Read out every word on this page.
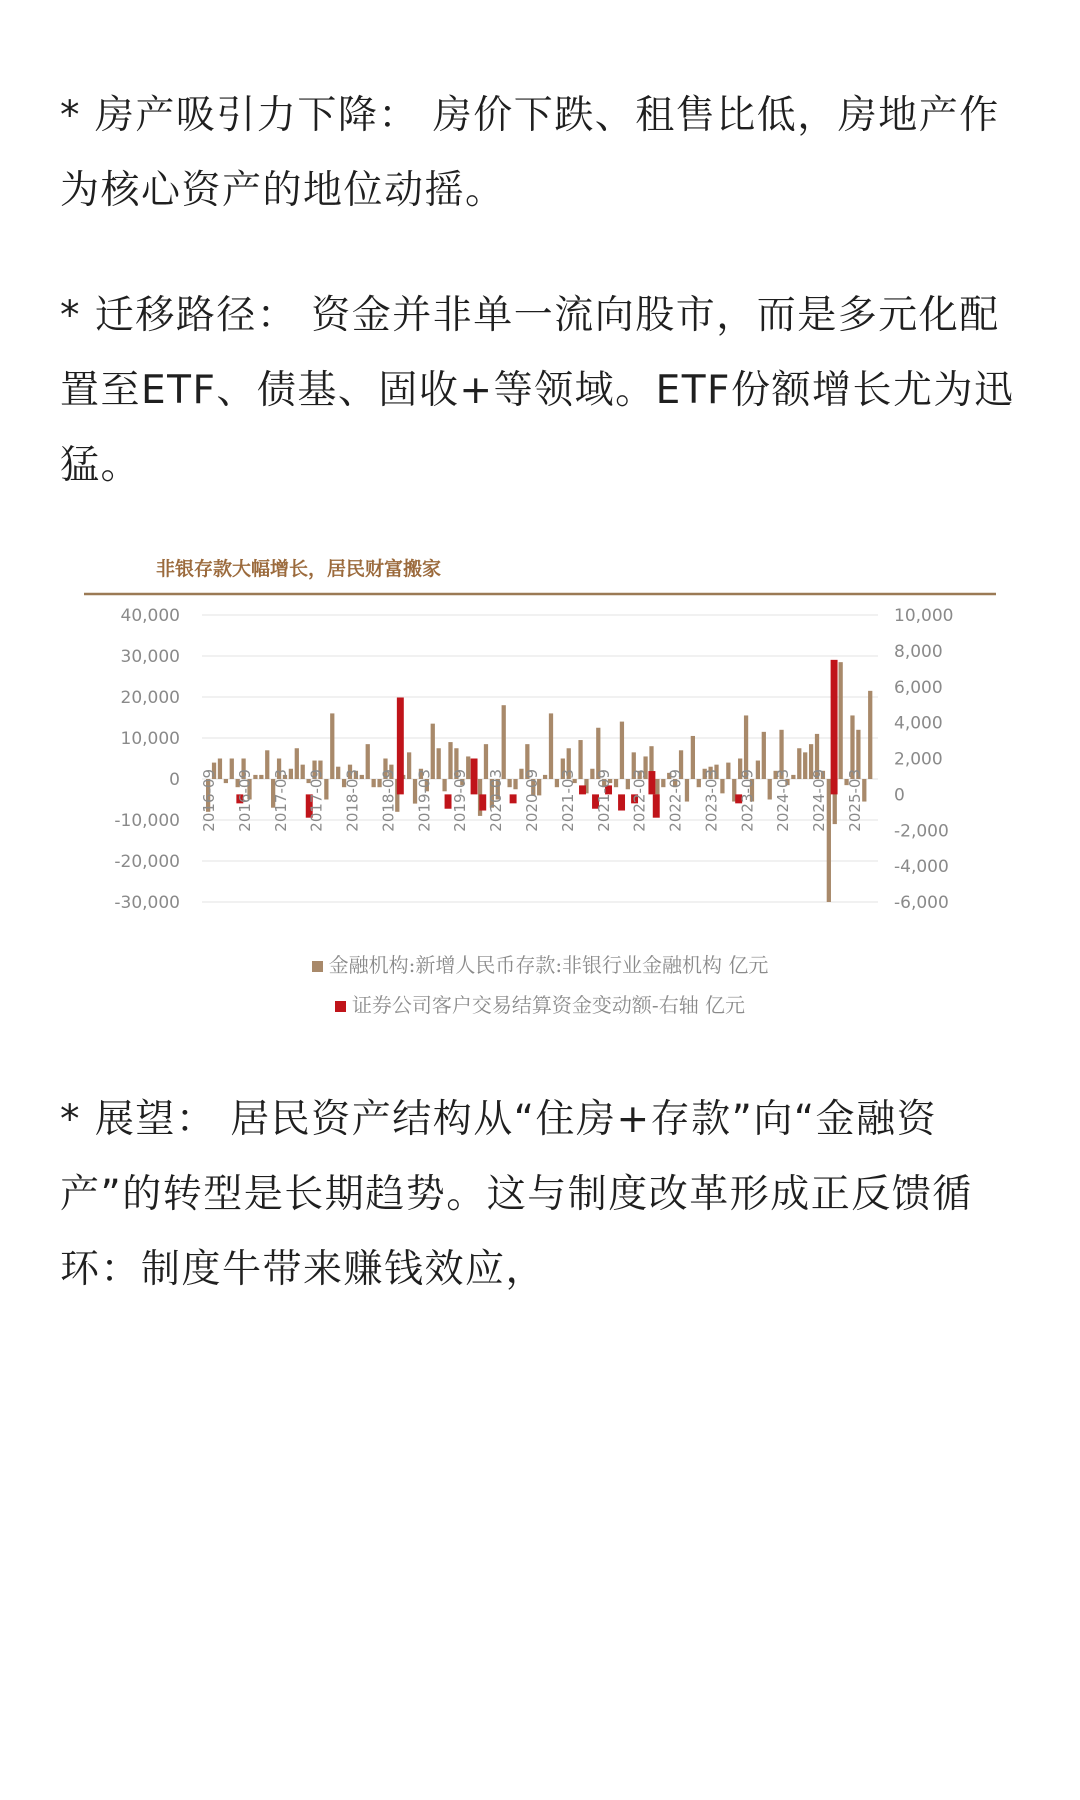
* 房产吸引力下降： 房价下跌、租售比低，房地产作为核心资产的地位动摇。

* 迁移路径： 资金并非单一流向股市，而是多元化配置至ETF、债基、固收+等领域。ETF份额增长尤为迅猛。

非银存款大幅增长，居民财富搬家
40,000
30,000
20,000
10,000
0
-10,000
-20,000
-30,000
10,000
8,000
6,000
4,000
2,000
0
-2,000
-4,000
-6,000
2016-09 2016-09 2017-03 2017-09 2018-03 2018-09 2019-03 2019-09 2020-03 2020-09 2021-03 2021-09 2022-03 2022-09 2023-03 2023-09 2024-03 2024-09 2025-03
金融机构:新增人民币存款:非银行业金融机构 亿元
证券公司客户交易结算资金变动额-右轴 亿元

* 展望： 居民资产结构从“住房+存款”向“金融资产”的转型是长期趋势。这与制度改革形成正反馈循环：制度牛带来赚钱效应，
